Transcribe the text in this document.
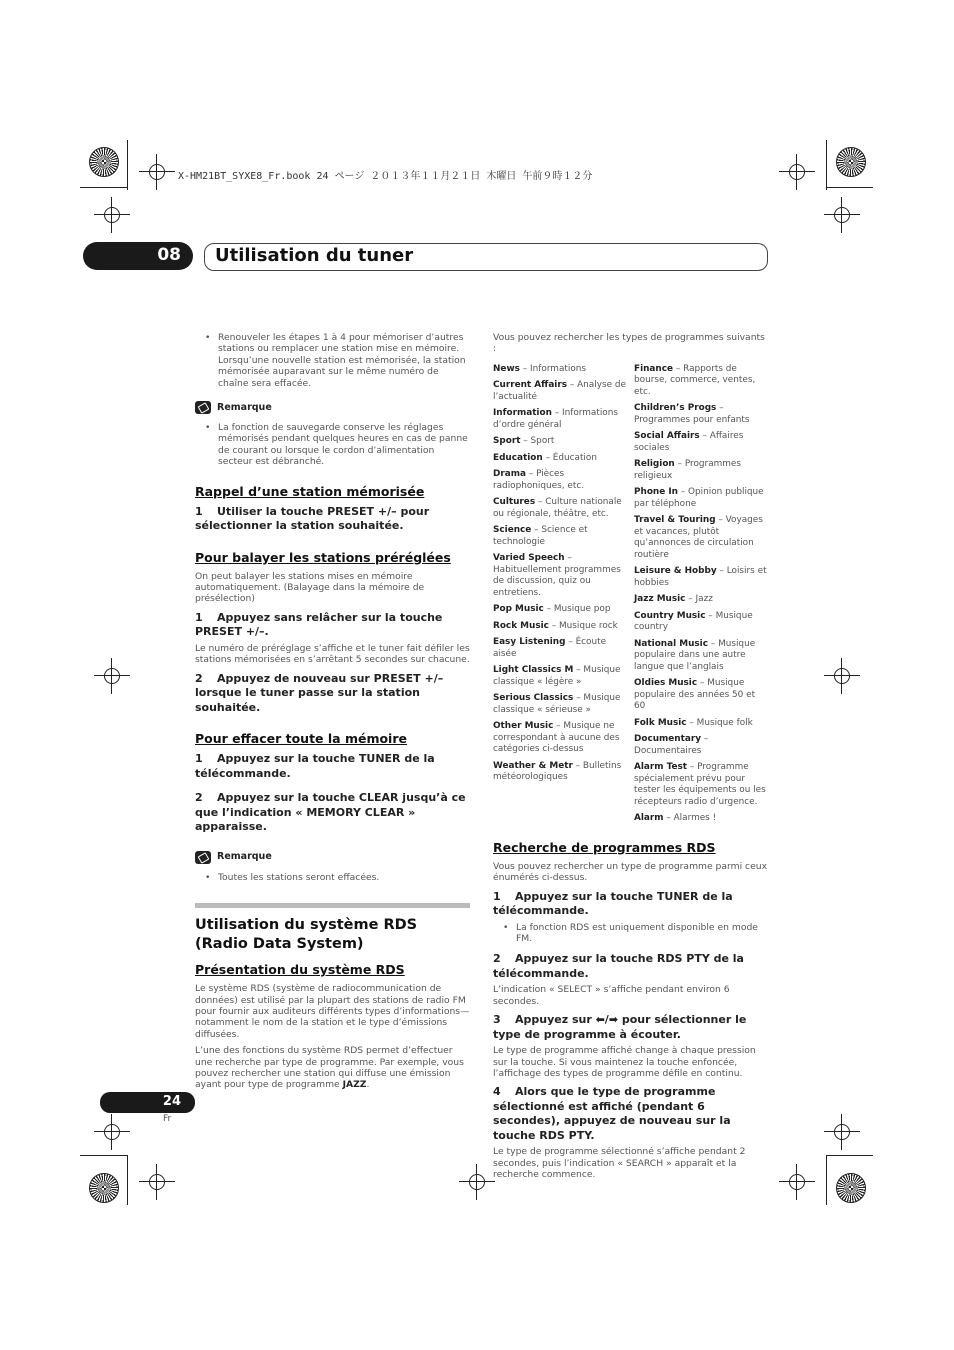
X-HM21BT_SYXE8_Fr.book 24 ページ ２０１３年１１月２１日 木曜日 午前９時１２分
08 Utilisation du tuner
• Renouveler les étapes 1 à 4 pour mémoriser d’autres stations ou remplacer une station mise en mémoire. Lorsqu’une nouvelle station est mémorisée, la station mémorisée auparavant sur le même numéro de chaîne sera effacée.
Remarque
• La fonction de sauvegarde conserve les réglages mémorisés pendant quelques heures en cas de panne de courant ou lorsque le cordon d’alimentation secteur est débranché.
Rappel d’une station mémorisée
1 Utiliser la touche PRESET +/– pour sélectionner la station souhaitée.
Pour balayer les stations préréglées

On peut balayer les stations mises en mémoire automatiquement. (Balayage dans la mémoire de présélection)

1 Appuyez sans relâcher sur la touche PRESET +/–.

Le numéro de préréglage s’affiche et le tuner fait défiler les stations mémorisées en s’arrêtant 5 secondes sur chacune.

2 Appuyez de nouveau sur PRESET +/– lorsque le tuner passe sur la station souhaitée.
Pour effacer toute la mémoire
1 Appuyez sur la touche TUNER de la télécommande.
2 Appuyez sur la touche CLEAR jusqu’à ce que l’indication « MEMORY CLEAR » apparaisse.
Remarque
• Toutes les stations seront effacées.
Utilisation du système RDS (Radio Data System)
Présentation du système RDS

Le système RDS (système de radiocommunication de données) est utilisé par la plupart des stations de radio FM pour fournir aux auditeurs différents types d’informations—notamment le nom de la station et le type d’émissions diffusées.

L’une des fonctions du système RDS permet d’effectuer une recherche par type de programme. Par exemple, vous pouvez rechercher une station qui diffuse une émission ayant pour type de programme JAZZ.

Vous pouvez rechercher les types de programmes suivants :

News – Informations

Current Affairs – Analyse de l’actualité

Information – Informations d’ordre général

Sport – Sport

Education – Éducation

Drama – Pièces radiophoniques, etc.

Cultures – Culture nationale ou régionale, théâtre, etc.

Science – Science et technologie

Varied Speech – Habituellement programmes de discussion, quiz ou entretiens.

Pop Music – Musique pop

Rock Music – Musique rock

Easy Listening – Écoute aisée

Light Classics M – Musique classique « légère »

Serious Classics – Musique classique « sérieuse »

Other Music – Musique ne correspondant à aucune des catégories ci-dessus

Weather & Metr – Bulletins météorologiques

Finance – Rapports de bourse, commerce, ventes, etc.

Children’s Progs – Programmes pour enfants

Social Affairs – Affaires sociales

Religion – Programmes religieux

Phone In – Opinion publique par téléphone

Travel & Touring – Voyages et vacances, plutôt qu’annonces de circulation routière

Leisure & Hobby – Loisirs et hobbies

Jazz Music – Jazz

Country Music – Musique country

National Music – Musique populaire dans une autre langue que l’anglais

Oldies Music – Musique populaire des années 50 et 60

Folk Music – Musique folk

Documentary – Documentaires

Alarm Test – Programme spécialement prévu pour tester les équipements ou les récepteurs radio d’urgence.

Alarm – Alarmes !

Recherche de programmes RDS

Vous pouvez rechercher un type de programme parmi ceux énumérés ci-dessus.

1 Appuyez sur la touche TUNER de la télécommande.
• La fonction RDS est uniquement disponible en mode FM.
2 Appuyez sur la touche RDS PTY de la télécommande.

L’indication « SELECT » s’affiche pendant environ 6 secondes.

3 Appuyez sur ⬅/➡ pour sélectionner le type de programme à écouter.

Le type de programme affiché change à chaque pression sur la touche. Si vous maintenez la touche enfoncée, l’affichage des types de programme défile en continu.

4 Alors que le type de programme sélectionné est affiché (pendant 6 secondes), appuyez de nouveau sur la touche RDS PTY.

Le type de programme sélectionné s’affiche pendant 2 secondes, puis l’indication « SEARCH » apparaît et la recherche commence.

24
Fr
